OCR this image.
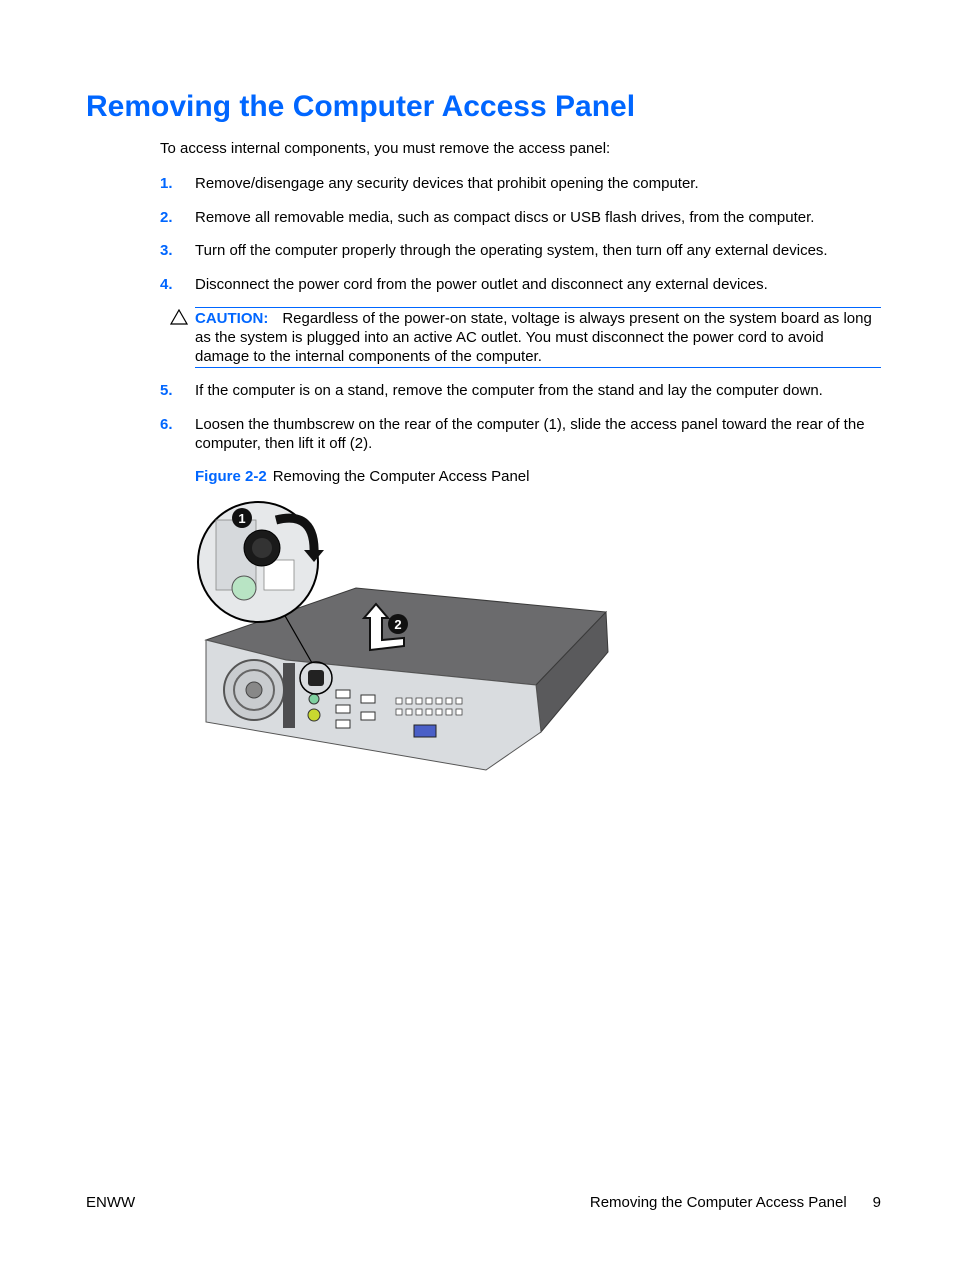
Removing the Computer Access Panel
To access internal components, you must remove the access panel:
1. Remove/disengage any security devices that prohibit opening the computer.
2. Remove all removable media, such as compact discs or USB flash drives, from the computer.
3. Turn off the computer properly through the operating system, then turn off any external devices.
4. Disconnect the power cord from the power outlet and disconnect any external devices.
CAUTION: Regardless of the power-on state, voltage is always present on the system board as long as the system is plugged into an active AC outlet. You must disconnect the power cord to avoid damage to the internal components of the computer.
5. If the computer is on a stand, remove the computer from the stand and lay the computer down.
6. Loosen the thumbscrew on the rear of the computer (1), slide the access panel toward the rear of the computer, then lift it off (2).
Figure 2-2 Removing the Computer Access Panel
1
2
ENWW	Removing the Computer Access Panel 9
